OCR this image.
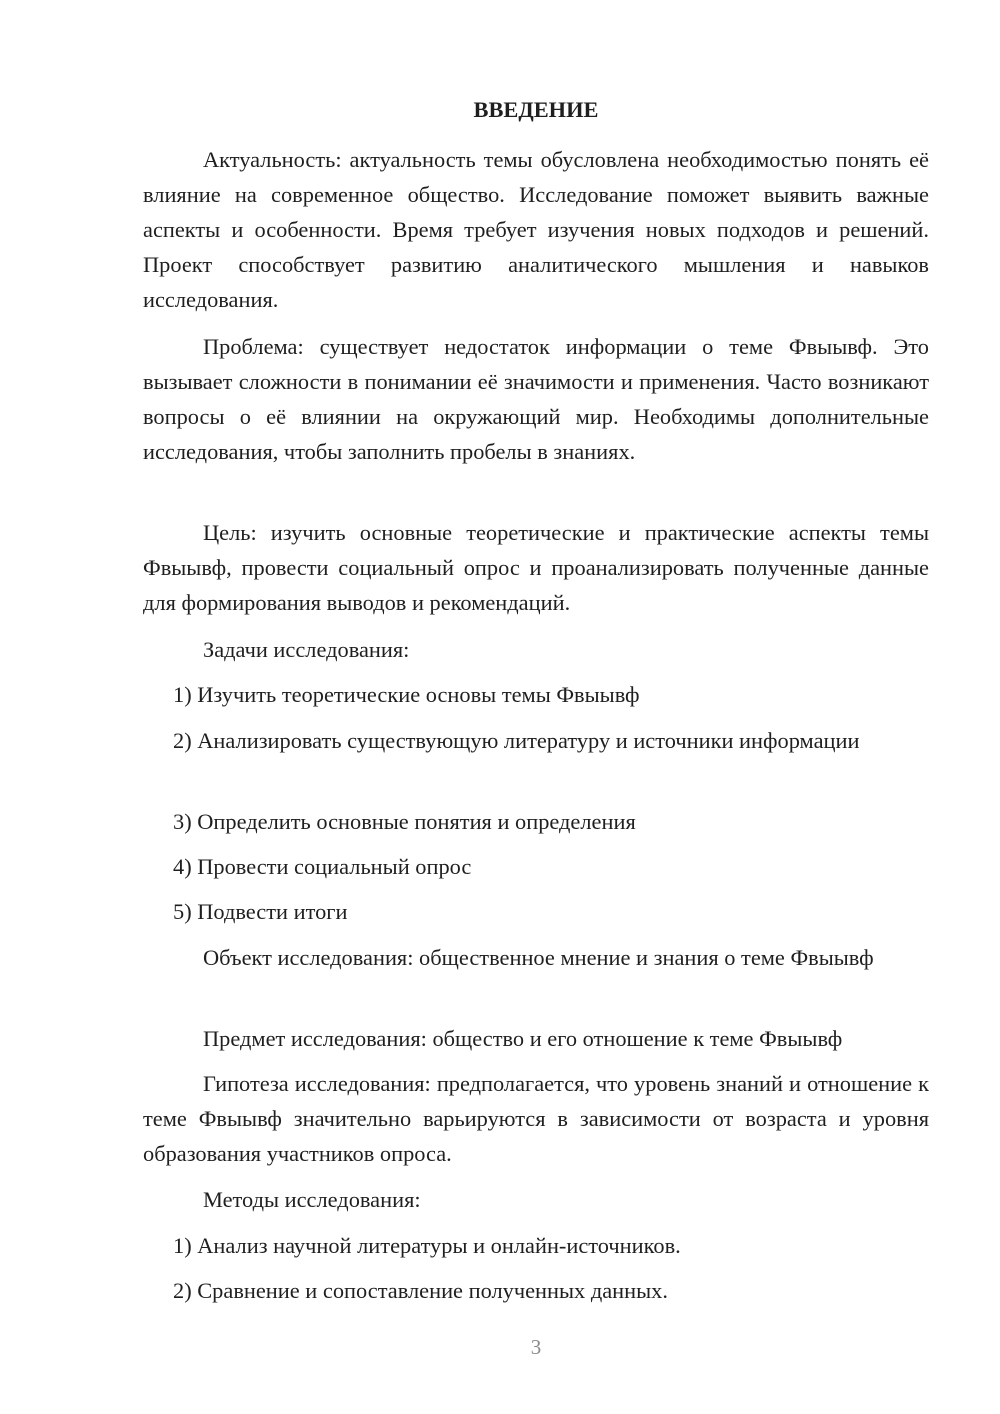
ВВЕДЕНИЕ

Актуальность: актуальность темы обусловлена необходимостью понять её влияние на современное общество. Исследование поможет выявить важные аспекты и особенности. Время требует изучения новых подходов и решений. Проект способствует развитию аналитического мышления и навыков исследования.

Проблема: существует недостаток информации о теме Фвыывф. Это вызывает сложности в понимании её значимости и применения. Часто возникают вопросы о её влиянии на окружающий мир. Необходимы дополнительные исследования, чтобы заполнить пробелы в знаниях.

Цель: изучить основные теоретические и практические аспекты темы Фвыывф, провести социальный опрос и проанализировать полученные данные для формирования выводов и рекомендаций.

Задачи исследования:

1) Изучить теоретические основы темы Фвыывф

2) Анализировать существующую литературу и источники информации

3) Определить основные понятия и определения

4) Провести социальный опрос

5) Подвести итоги

Объект исследования: общественное мнение и знания о теме Фвыывф

Предмет исследования: общество и его отношение к теме Фвыывф

Гипотеза исследования: предполагается, что уровень знаний и отношение к теме Фвыывф значительно варьируются в зависимости от возраста и уровня образования участников опроса.

Методы исследования:

1) Анализ научной литературы и онлайн-источников.

2) Сравнение и сопоставление полученных данных.

3
